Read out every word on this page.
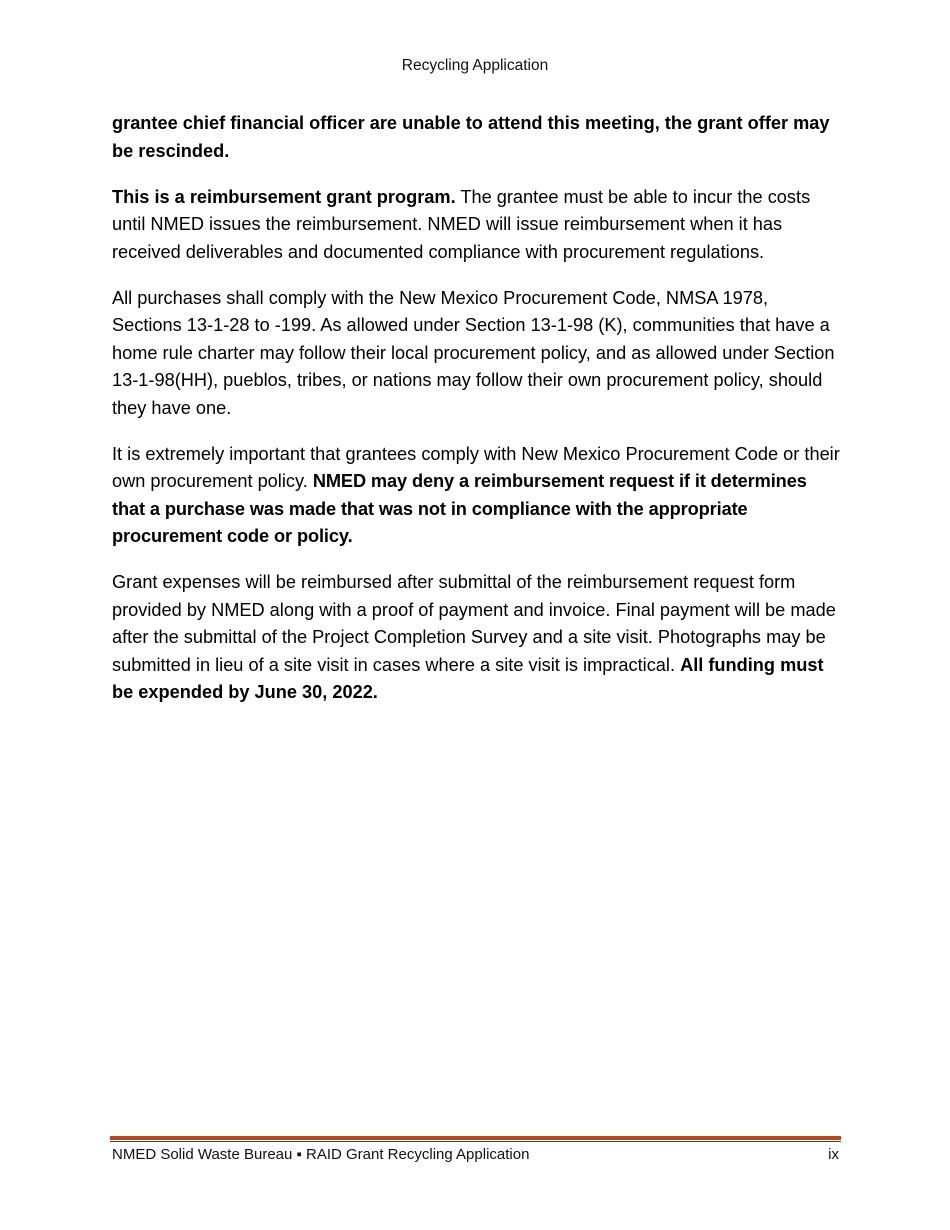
Recycling Application

grantee chief financial officer are unable to attend this meeting, the grant offer may be rescinded.

This is a reimbursement grant program. The grantee must be able to incur the costs until NMED issues the reimbursement. NMED will issue reimbursement when it has received deliverables and documented compliance with procurement regulations.

All purchases shall comply with the New Mexico Procurement Code, NMSA 1978, Sections 13-1-28 to -199. As allowed under Section 13-1-98 (K), communities that have a home rule charter may follow their local procurement policy, and as allowed under Section 13-1-98(HH), pueblos, tribes, or nations may follow their own procurement policy, should they have one.

It is extremely important that grantees comply with New Mexico Procurement Code or their own procurement policy. NMED may deny a reimbursement request if it determines that a purchase was made that was not in compliance with the appropriate procurement code or policy.

Grant expenses will be reimbursed after submittal of the reimbursement request form provided by NMED along with a proof of payment and invoice. Final payment will be made after the submittal of the Project Completion Survey and a site visit. Photographs may be submitted in lieu of a site visit in cases where a site visit is impractical. All funding must be expended by June 30, 2022.

NMED Solid Waste Bureau ▪ RAID Grant Recycling Application	ix
